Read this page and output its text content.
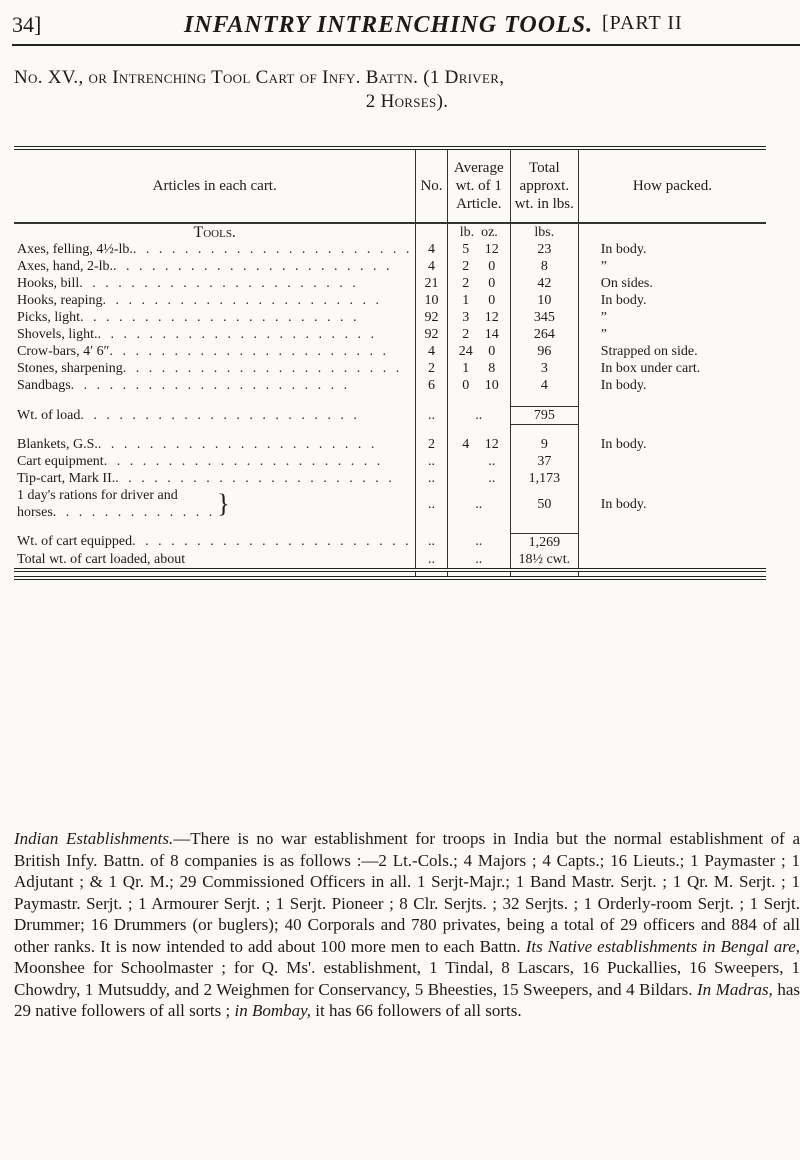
34]	INFANTRY INTRENCHING TOOLS. [PART II
No. XV., or Intrenching Tool Cart of Infy. Battn. (1 Driver,
2 Horses).
Articles in each cart.	No.	Average wt. of 1 Article.	Total approxt. wt. in lbs.	How packed.
Tools.		lb. oz.	lbs.	

Axes, felling, 4½-lb. . . . . . . . . . . . . . . . . . . . . . .	4	5 12	23	In body.

Axes, hand, 2-lb. . . . . . . . . . . . . . . . . . . . . . .	4	2 0	8	”

Hooks, bill . . . . . . . . . . . . . . . . . . . . . .	21	2 0	42	On sides.

Hooks, reaping . . . . . . . . . . . . . . . . . . . . . .	10	1 0	10	In body.

Picks, light . . . . . . . . . . . . . . . . . . . . . .	92	3 12	345	”

Shovels, light. . . . . . . . . . . . . . . . . . . . . . .	92	2 14	264	”

Crow-bars, 4′ 6″ . . . . . . . . . . . . . . . . . . . . . .	4	24 0	96	Strapped on side.

Stones, sharpening . . . . . . . . . . . . . . . . . . . . . .	2	1 8	3	In box under cart.

Sandbags . . . . . . . . . . . . . . . . . . . . . .	6	0 10	4	In body.

Wt. of load . . . . . . . . . . . . . . . . . . . . . .	..	..	795	

Blankets, G.S. . . . . . . . . . . . . . . . . . . . . . .	2	4 12	9	In body.

Cart equipment . . . . . . . . . . . . . . . . . . . . . .	..	..	37	

Tip-cart, Mark II. . . . . . . . . . . . . . . . . . . . . . .	..	..	1,173	

1 day's rations for driver and
horses . . . . . . . . . . . . . }	..	..	50	In body.

Wt. of cart equipped . . . . . . . . . . . . . . . . . . . . . .	..	..	1,269	
Total wt. of cart loaded, about	..	..	18½ cwt.	

Indian Establishments.—There is no war establishment for troops in India but the normal establishment of a British Infy. Battn. of 8 companies is as follows :—2 Lt.-Cols.; 4 Majors ; 4 Capts.; 16 Lieuts.; 1 Paymaster ; 1 Adjutant ; & 1 Qr. M.; 29 Commissioned Officers in all. 1 Serjt-Majr.; 1 Band Mastr. Serjt. ; 1 Qr. M. Serjt. ; 1 Paymastr. Serjt. ; 1 Armourer Serjt. ; 1 Serjt. Pioneer ; 8 Clr. Serjts. ; 32 Serjts. ; 1 Orderly-room Serjt. ; 1 Serjt. Drummer; 16 Drummers (or buglers); 40 Corporals and 780 privates, being a total of 29 officers and 884 of all other ranks. It is now intended to add about 100 more men to each Battn. Its Native establishments in Bengal are, Moonshee for Schoolmaster ; for Q. Ms'. establishment, 1 Tindal, 8 Lascars, 16 Puckallies, 16 Sweepers, 1 Chowdry, 1 Mutsuddy, and 2 Weighmen for Conservancy, 5 Bheesties, 15 Sweepers, and 4 Bildars. In Madras, has 29 native followers of all sorts ; in Bombay, it has 66 followers of all sorts.
